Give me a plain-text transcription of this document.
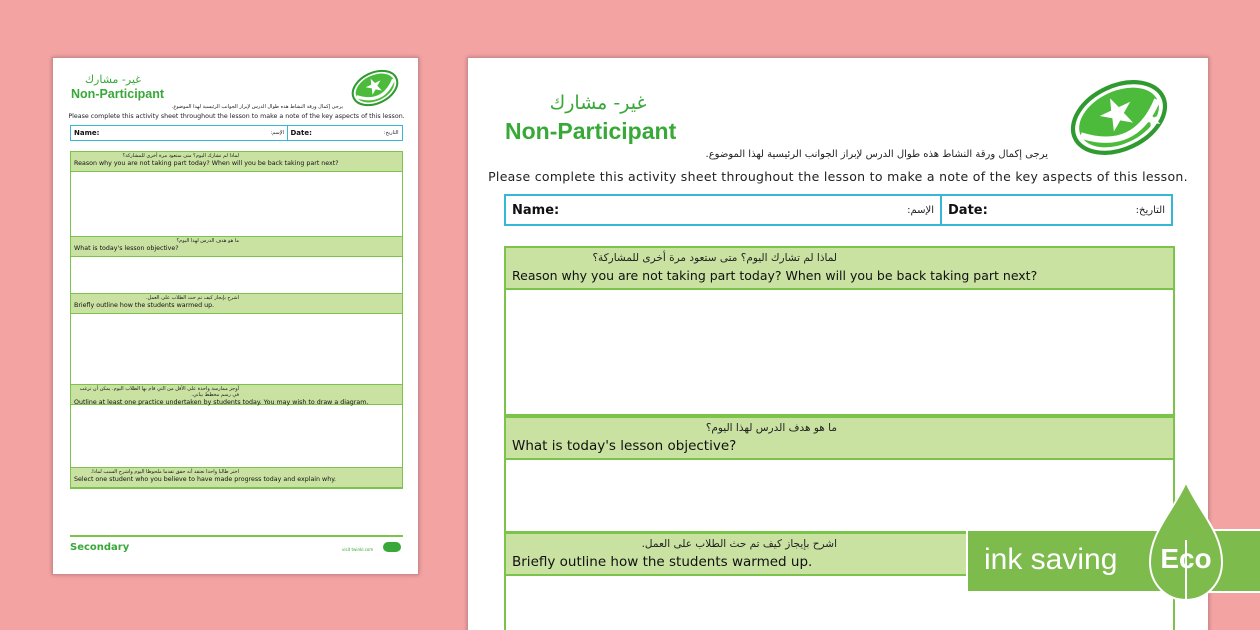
غير- مشارك
Non-Participant
يرجى إكمال ورقة النشاط هذه طوال الدرس لإبراز الجوانب الرئيسية لهذا الموضوع.
Please complete this activity sheet throughout the lesson to make a note of the key aspects of this lesson.
Name:	الإسم: Date:	التاريخ:
لماذا لم تشارك اليوم؟ متى ستعود مرة أخرى للمشاركة؟
Reason why you are not taking part today? When will you be back taking part next?
ما هو هدف الدرس لهذا اليوم؟
What is today's lesson objective?
اشرح بإيجاز كيف تم حث الطلاب على العمل.
Briefly outline how the students warmed up.
أوجز ممارسة واحدة على الأقل من التي قام بها الطلاب اليوم. يمكن أن ترغب في رسم مخطط بياني.
Outline at least one practice undertaken by students today. You may wish to draw a diagram.
اختر طالبا واحدا تعتقد أنه حقق تقدما ملحوظا اليوم واشرح السبب لماذا.
Select one student who you believe to have made progress today and explain why.
Secondary	visit twinkl.com
غير- مشارك
Non-Participant
يرجى إكمال ورقة النشاط هذه طوال الدرس لإبراز الجوانب الرئيسية لهذا الموضوع.
Please complete this activity sheet throughout the lesson to make a note of the key aspects of this lesson.
Name:	الإسم: Date:	التاريخ:
لماذا لم تشارك اليوم؟ متى ستعود مرة أخرى للمشاركة؟
Reason why you are not taking part today? When will you be back taking part next?
ما هو هدف الدرس لهذا اليوم؟
What is today's lesson objective?
اشرح بإيجاز كيف تم حث الطلاب على العمل.
Briefly outline how the students warmed up.	ink saving	Eco
